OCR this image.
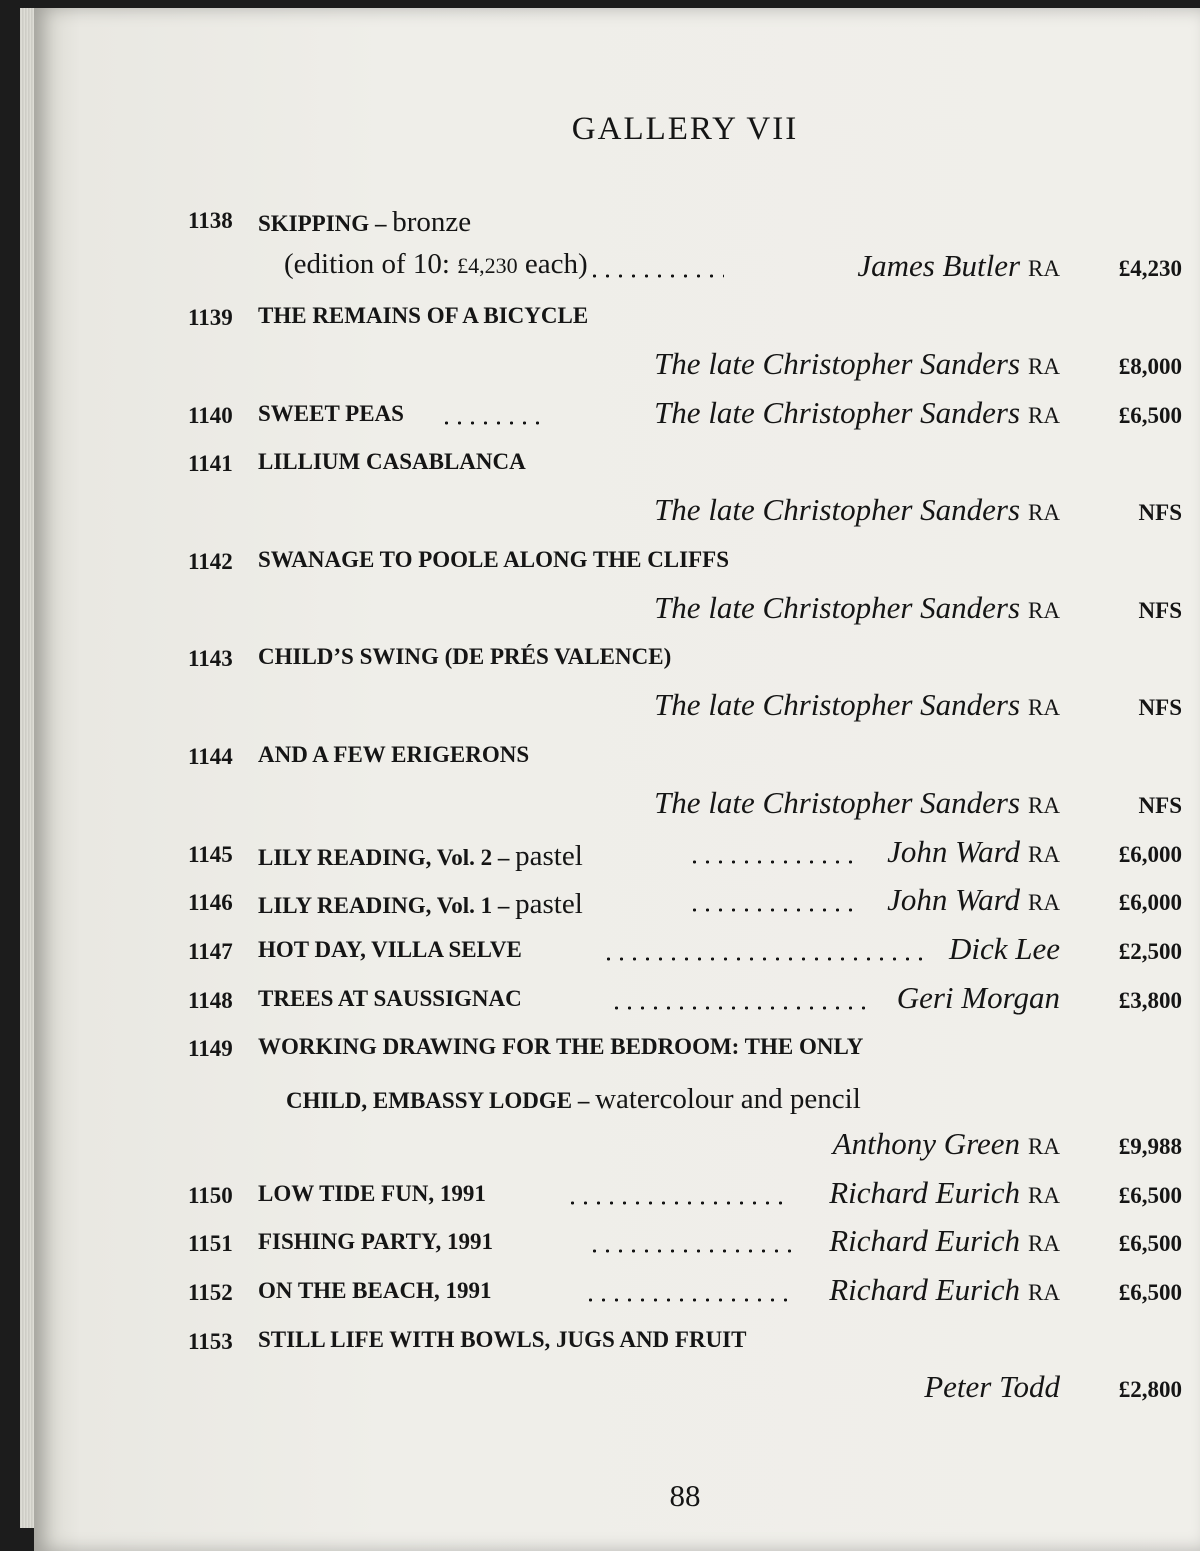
GALLERY VII
1138 SKIPPING – bronze
(edition of 10: £4,230 each)	James Butler RA	£4,230
1139 THE REMAINS OF A BICYCLE
The late Christopher Sanders RA	£8,000
1140 SWEET PEAS	The late Christopher Sanders RA	£6,500
1141 LILLIUM CASABLANCA
The late Christopher Sanders RA	NFS
1142 SWANAGE TO POOLE ALONG THE CLIFFS
The late Christopher Sanders RA	NFS
1143 CHILD’S SWING (DE PRÉS VALENCE)
The late Christopher Sanders RA	NFS
1144 AND A FEW ERIGERONS
The late Christopher Sanders RA	NFS
1145 LILY READING, Vol. 2 – pastel	John Ward RA	£6,000
1146 LILY READING, Vol. 1 – pastel	John Ward RA	£6,000
1147 HOT DAY, VILLA SELVE	Dick Lee	£2,500
1148 TREES AT SAUSSIGNAC	Geri Morgan	£3,800
1149 WORKING DRAWING FOR THE BEDROOM: THE ONLY
CHILD, EMBASSY LODGE – watercolour and pencil
Anthony Green RA	£9,988
1150 LOW TIDE FUN, 1991	Richard Eurich RA	£6,500
1151 FISHING PARTY, 1991	Richard Eurich RA	£6,500
1152 ON THE BEACH, 1991	Richard Eurich RA	£6,500
1153 STILL LIFE WITH BOWLS, JUGS AND FRUIT
Peter Todd	£2,800
88
